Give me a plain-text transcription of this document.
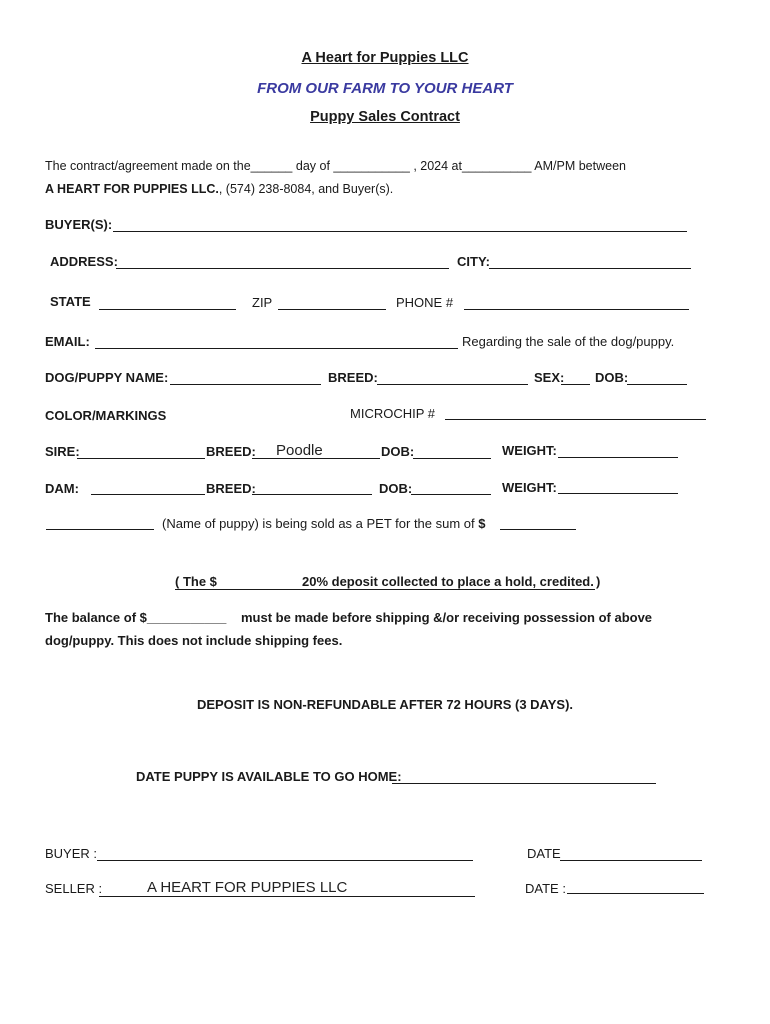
A Heart for Puppies LLC
FROM OUR FARM TO YOUR HEART
Puppy Sales Contract
The contract/agreement made on the______ day of ___________ , 2024 at__________ AM/PM between
A HEART FOR PUPPIES LLC., (574) 238-8084, and Buyer(s).
BUYER(S):
ADDRESS:	CITY:
STATE	ZIP	PHONE #
EMAIL:	Regarding the sale of the dog/puppy.
DOG/PUPPY NAME:	BREED:	SEX: DOB:
COLOR/MARKINGS	MICROCHIP #
SIRE:	BREED: Poodle	DOB:	WEIGHT:
DAM:	BREED:	DOB:	WEIGHT:
(Name of puppy) is being sold as a PET for the sum of $
( The $	20% deposit collected to place a hold, credited. )
The balance of $___________ must be made before shipping &/or receiving possession of above
dog/puppy. This does not include shipping fees.
DEPOSIT IS NON-REFUNDABLE AFTER 72 HOURS (3 DAYS).
DATE PUPPY IS AVAILABLE TO GO HOME:
BUYER :	DATE
SELLER :	A HEART FOR PUPPIES LLC	DATE :
